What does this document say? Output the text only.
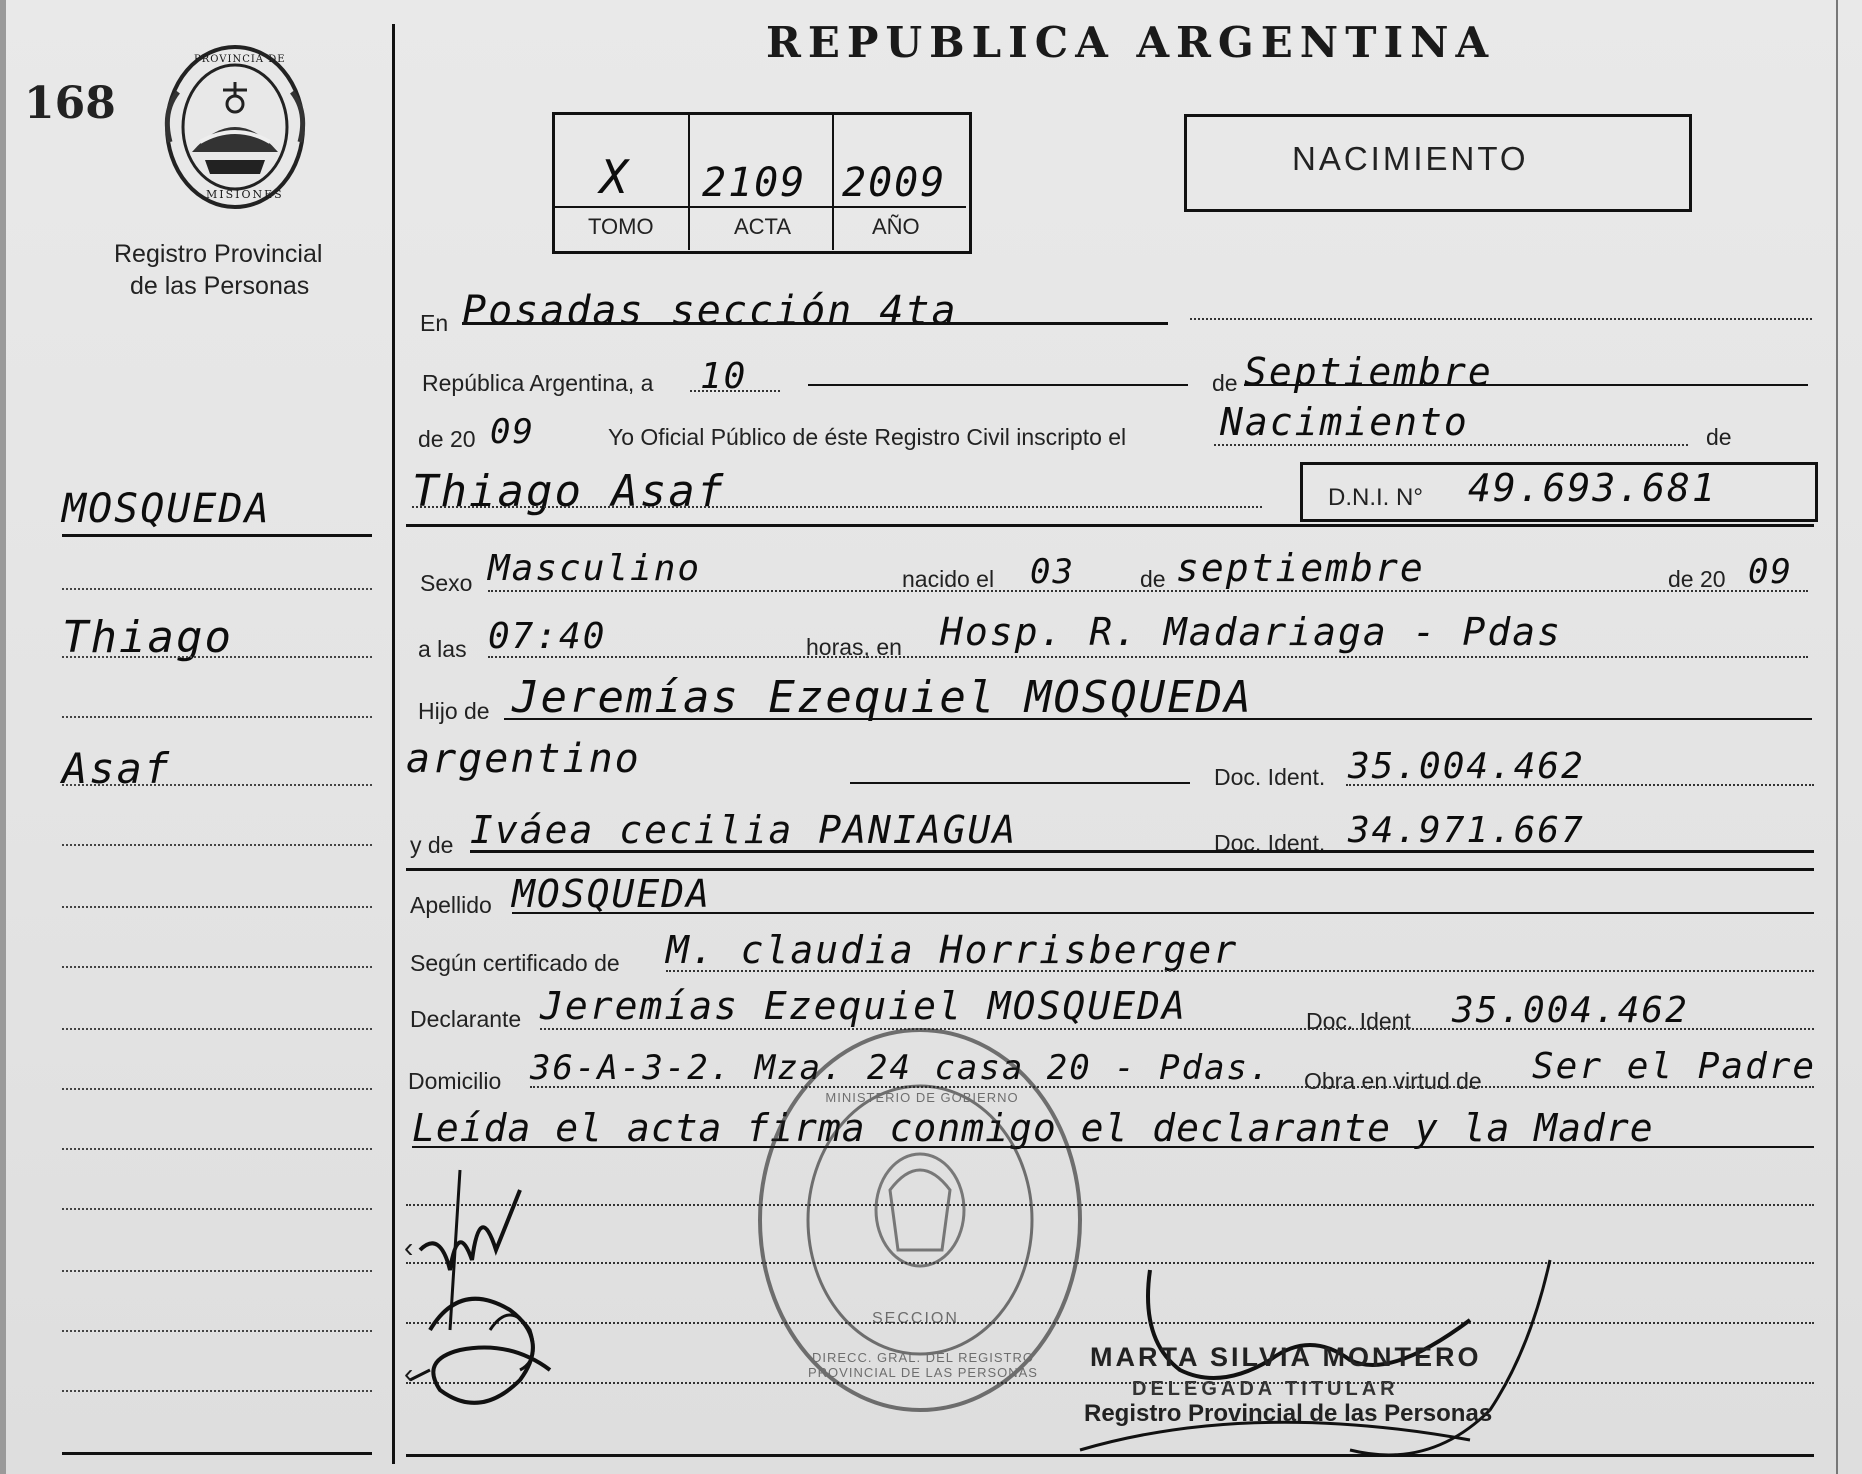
168
PROVINCIA DE
MISIONES
Registro Provincial
de las Personas
MOSQUEDA
Thiago
Asaf
REPUBLICA ARGENTINA
X 2109 2009
TOMO	ACTA	AÑO
NACIMIENTO
En Posadas sección 4ta
República Argentina, a 10	de Septiembre
de 20 09	Yo Oficial Público de éste Registro Civil inscripto el Nacimiento	de
Thiago Asaf	D.N.I. N° 49.693.681
Sexo Masculino	nacido el 03	de septiembre	de 20 09
a las 07:40	horas, en Hosp. R. Madariaga - Pdas
Hijo de Jeremías Ezequiel MOSQUEDA
argentino	Doc. Ident. 35.004.462
y de Iváea cecilia PANIAGUA	Doc. Ident. 34.971.667
Apellido MOSQUEDA
Según certificado de M. claudia Horrisberger
Declarante Jeremías Ezequiel MOSQUEDA	Doc. Ident 35.004.462
Domicilio 36-A-3-2. Mza. 24 casa 20 - Pdas. Obra en virtud de Ser el Padre
Leída el acta firma conmigo el declarante y la Madre
DIRECC. GRAL. DEL REGISTRO PROVINCIAL DE LAS PERSONAS
MINISTERIO DE GOBIERNO
SECCION
MARTA SILVIA MONTERO
DELEGADA TITULAR
Registro Provincial de las Personas
‹
‹
